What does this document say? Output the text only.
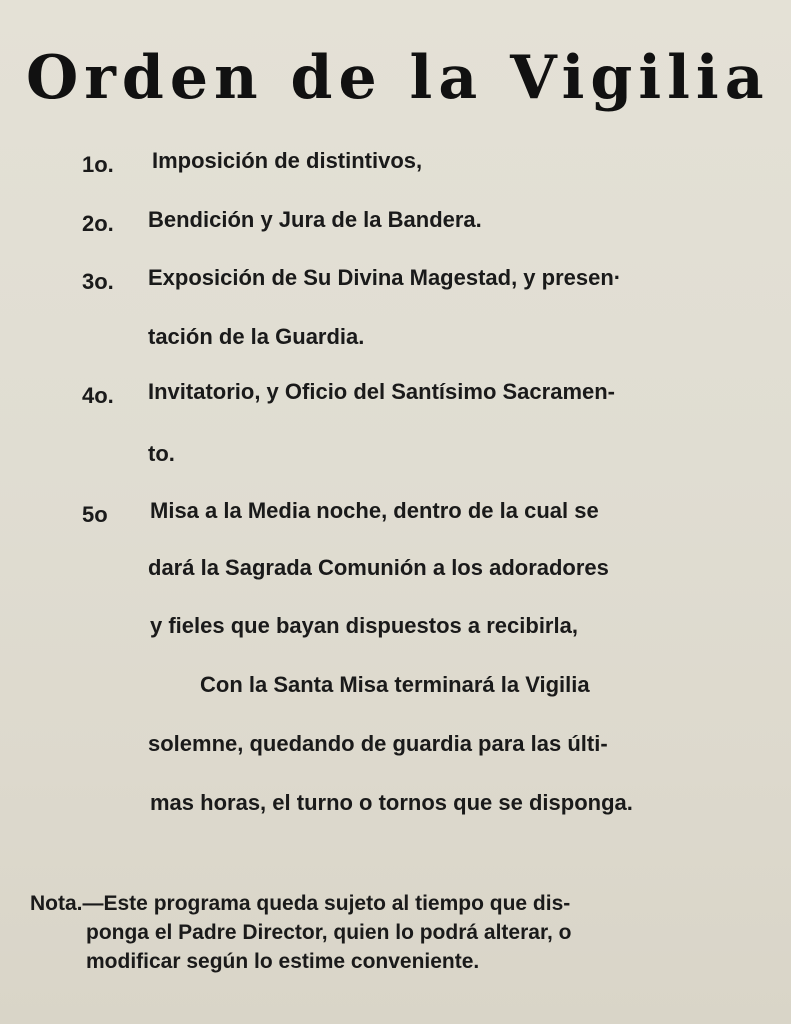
Orden de la Vigilia
1o. Imposición de distintivos,

2o. Bendición y Jura de la Bandera.

3o. Exposición de Su Divina Magestad, y presen·

tación de la Guardia.

4o. Invitatorio, y Oficio del Santísimo Sacramen-

to.

5o Misa a la Media noche, dentro de la cual se

dará la Sagrada Comunión a los adoradores

y fieles que bayan dispuestos a recibirla,

Con la Santa Misa terminará la Vigilia

solemne, quedando de guardia para las últi-

mas horas, el turno o tornos que se disponga.

Nota.—Este programa queda sujeto al tiempo que dis-

ponga el Padre Director, quien lo podrá alterar, o

modificar según lo estime conveniente.
